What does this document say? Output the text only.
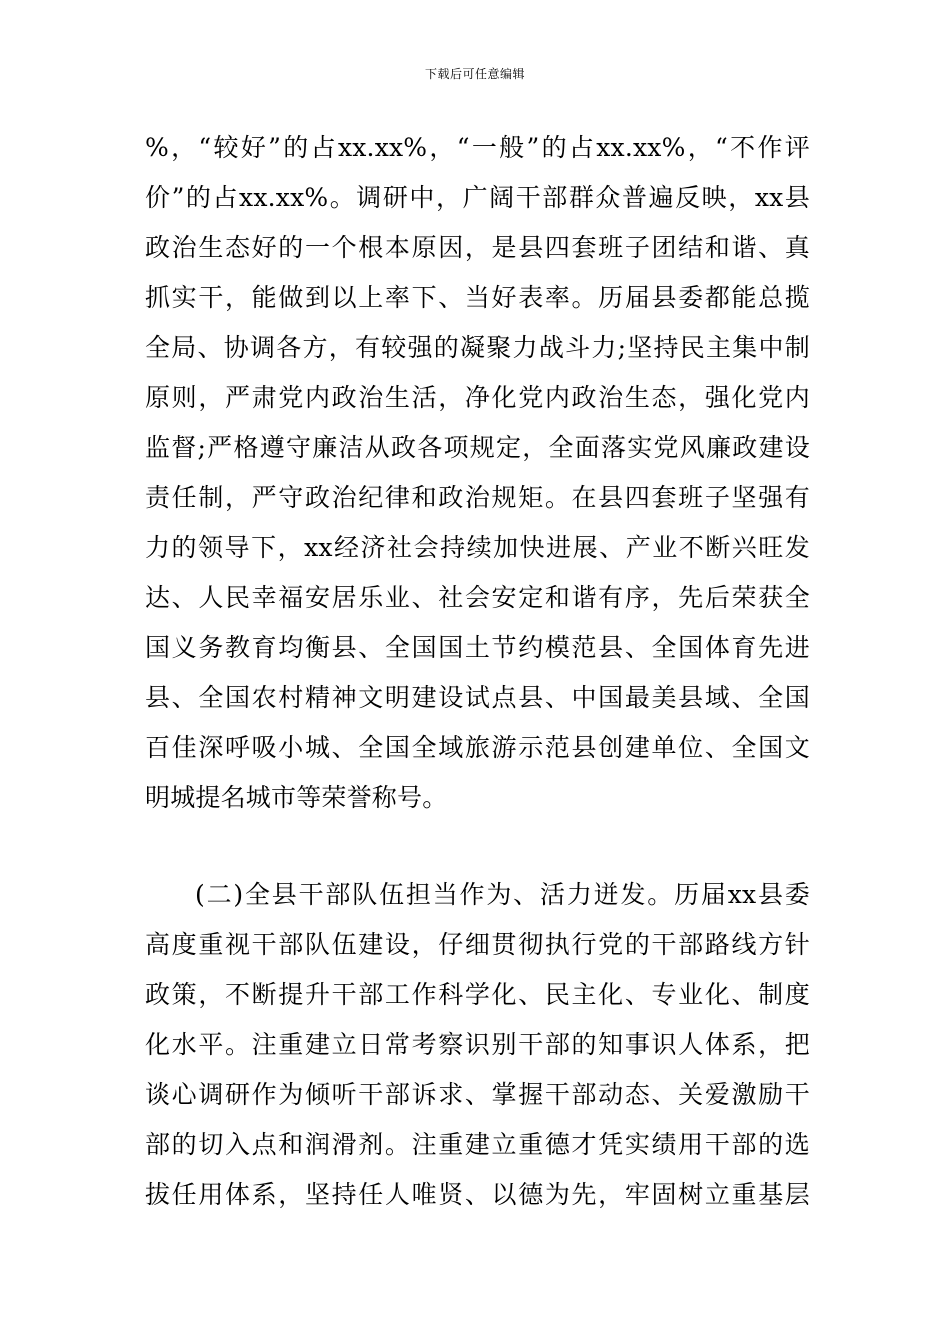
下载后可任意编辑
%，“较好”的占xx.xx%，“一般”的占xx.xx%，“不作评
价”的占xx.xx%。调研中，广阔干部群众普遍反映，xx县
政治生态好的一个根本原因，是县四套班子团结和谐、真
抓实干，能做到以上率下、当好表率。历届县委都能总揽
全局、协调各方，有较强的凝聚力战斗力;坚持民主集中制
原则，严肃党内政治生活，净化党内政治生态，强化党内
监督;严格遵守廉洁从政各项规定，全面落实党风廉政建设
责任制，严守政治纪律和政治规矩。在县四套班子坚强有
力的领导下，xx经济社会持续加快进展、产业不断兴旺发
达、人民幸福安居乐业、社会安定和谐有序，先后荣获全
国义务教育均衡县、全国国土节约模范县、全国体育先进
县、全国农村精神文明建设试点县、中国最美县域、全国
百佳深呼吸小城、全国全域旅游示范县创建单位、全国文
明城提名城市等荣誉称号。
(二)全县干部队伍担当作为、活力迸发。历届xx县委
高度重视干部队伍建设，仔细贯彻执行党的干部路线方针
政策，不断提升干部工作科学化、民主化、专业化、制度
化水平。注重建立日常考察识别干部的知事识人体系，把
谈心调研作为倾听干部诉求、掌握干部动态、关爱激励干
部的切入点和润滑剂。注重建立重德才凭实绩用干部的选
拔任用体系，坚持任人唯贤、以德为先，牢固树立重基层
